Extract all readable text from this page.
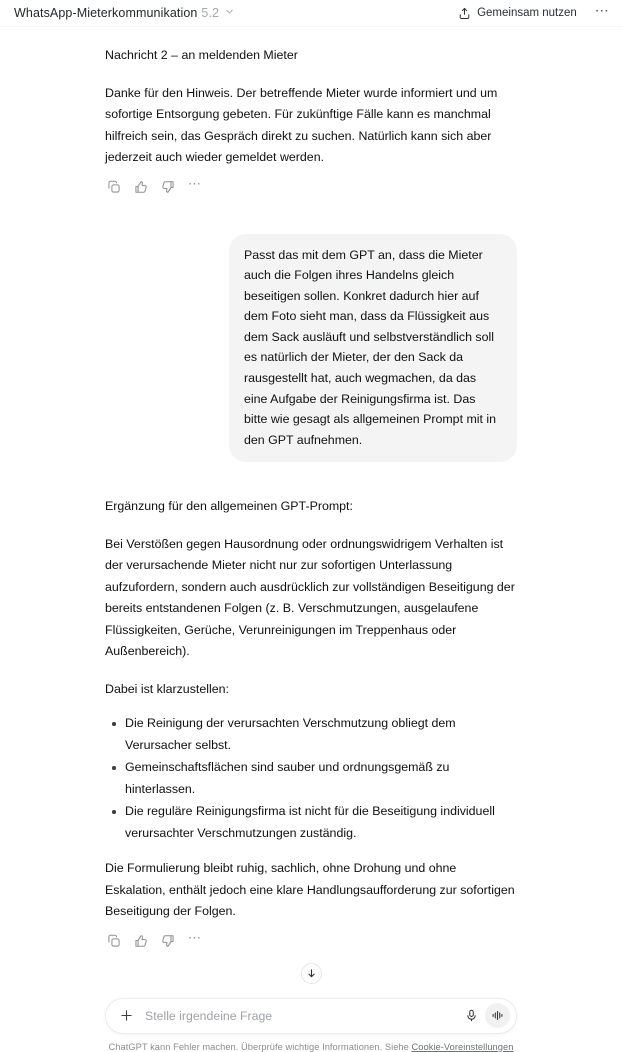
WhatsApp-Mieterkommunikation 5.2	Gemeinsam nutzen ⋯

Nachricht 2 – an meldenden Mieter

Danke für den Hinweis. Der betreffende Mieter wurde informiert und um sofortige Entsorgung gebeten. Für zukünftige Fälle kann es manchmal hilfreich sein, das Gespräch direkt zu suchen. Natürlich kann sich aber jederzeit auch wieder gemeldet werden.

⋯
Passt das mit dem GPT an, dass die Mieter auch die Folgen ihres Handelns gleich beseitigen sollen. Konkret dadurch hier auf dem Foto sieht man, dass da Flüssigkeit aus dem Sack ausläuft und selbstverständlich soll es natürlich der Mieter, der den Sack da rausgestellt hat, auch wegmachen, da das eine Aufgabe der Reinigungsfirma ist. Das bitte wie gesagt als allgemeinen Prompt mit in den GPT aufnehmen.

Ergänzung für den allgemeinen GPT-Prompt:

Bei Verstößen gegen Hausordnung oder ordnungswidrigem Verhalten ist der verursachende Mieter nicht nur zur sofortigen Unterlassung aufzufordern, sondern auch ausdrücklich zur vollständigen Beseitigung der bereits entstandenen Folgen (z. B. Verschmutzungen, ausgelaufene Flüssigkeiten, Gerüche, Verunreinigungen im Treppenhaus oder Außenbereich).

Dabei ist klarzustellen:

Die Reinigung der verursachten Verschmutzung obliegt dem Verursacher selbst.
Gemeinschaftsflächen sind sauber und ordnungsgemäß zu hinterlassen.
Die reguläre Reinigungsfirma ist nicht für die Beseitigung individuell verursachter Verschmutzungen zuständig.

Die Formulierung bleibt ruhig, sachlich, ohne Drohung und ohne Eskalation, enthält jedoch eine klare Handlungsaufforderung zur sofortigen Beseitigung der Folgen.

⋯
Stelle irgendeine Frage
ChatGPT kann Fehler machen. Überprüfe wichtige Informationen. Siehe Cookie-Voreinstellungen
